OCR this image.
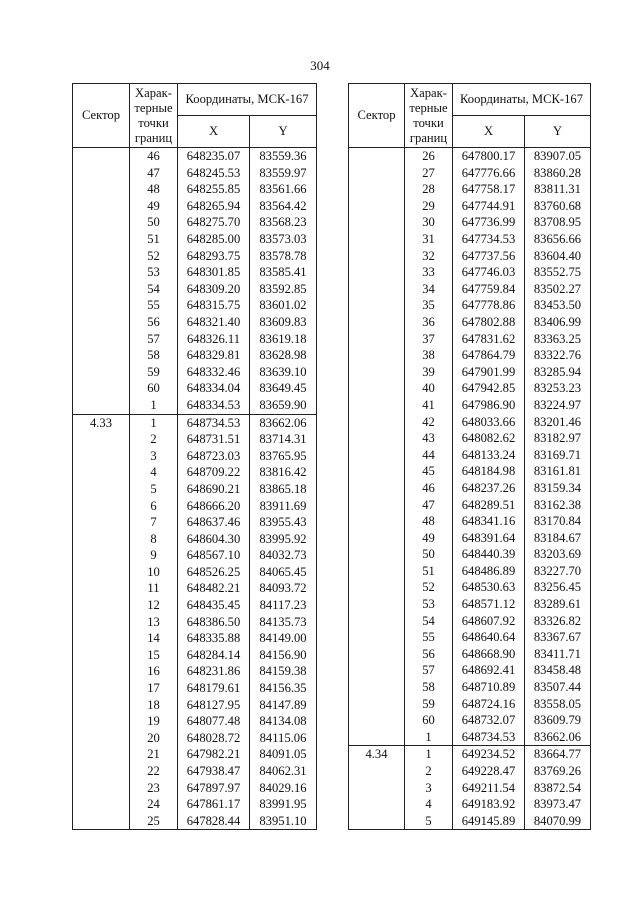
304
Сектор	Харак-терные точки границ	Координаты, МСК-167	
		X	Y
	46	648235.07	83559.36
	47	648245.53	83559.97
	48	648255.85	83561.66
	49	648265.94	83564.42
	50	648275.70	83568.23
	51	648285.00	83573.03
	52	648293.75	83578.78
	53	648301.85	83585.41
	54	648309.20	83592.85
	55	648315.75	83601.02
	56	648321.40	83609.83
	57	648326.11	83619.18
	58	648329.81	83628.98
	59	648332.46	83639.10
	60	648334.04	83649.45
	1	648334.53	83659.90
4.33	1	648734.53	83662.06
	2	648731.51	83714.31
	3	648723.03	83765.95
	4	648709.22	83816.42
	5	648690.21	83865.18
	6	648666.20	83911.69
	7	648637.46	83955.43
	8	648604.30	83995.92
	9	648567.10	84032.73
	10	648526.25	84065.45
	11	648482.21	84093.72
	12	648435.45	84117.23
	13	648386.50	84135.73
	14	648335.88	84149.00
	15	648284.14	84156.90
	16	648231.86	84159.38
	17	648179.61	84156.35
	18	648127.95	84147.89
	19	648077.48	84134.08
	20	648028.72	84115.06
	21	647982.21	84091.05
	22	647938.47	84062.31
	23	647897.97	84029.16
	24	647861.17	83991.95
	25	647828.44	83951.10
Сектор	Харак-терные точки границ	Координаты, МСК-167	
		X	Y
	26	647800.17	83907.05
	27	647776.66	83860.28
	28	647758.17	83811.31
	29	647744.91	83760.68
	30	647736.99	83708.95
	31	647734.53	83656.66
	32	647737.56	83604.40
	33	647746.03	83552.75
	34	647759.84	83502.27
	35	647778.86	83453.50
	36	647802.88	83406.99
	37	647831.62	83363.25
	38	647864.79	83322.76
	39	647901.99	83285.94
	40	647942.85	83253.23
	41	647986.90	83224.97
	42	648033.66	83201.46
	43	648082.62	83182.97
	44	648133.24	83169.71
	45	648184.98	83161.81
	46	648237.26	83159.34
	47	648289.51	83162.38
	48	648341.16	83170.84
	49	648391.64	83184.67
	50	648440.39	83203.69
	51	648486.89	83227.70
	52	648530.63	83256.45
	53	648571.12	83289.61
	54	648607.92	83326.82
	55	648640.64	83367.67
	56	648668.90	83411.71
	57	648692.41	83458.48
	58	648710.89	83507.44
	59	648724.16	83558.05
	60	648732.07	83609.79
	1	648734.53	83662.06
4.34	1	649234.52	83664.77
	2	649228.47	83769.26
	3	649211.54	83872.54
	4	649183.92	83973.47
	5	649145.89	84070.99
